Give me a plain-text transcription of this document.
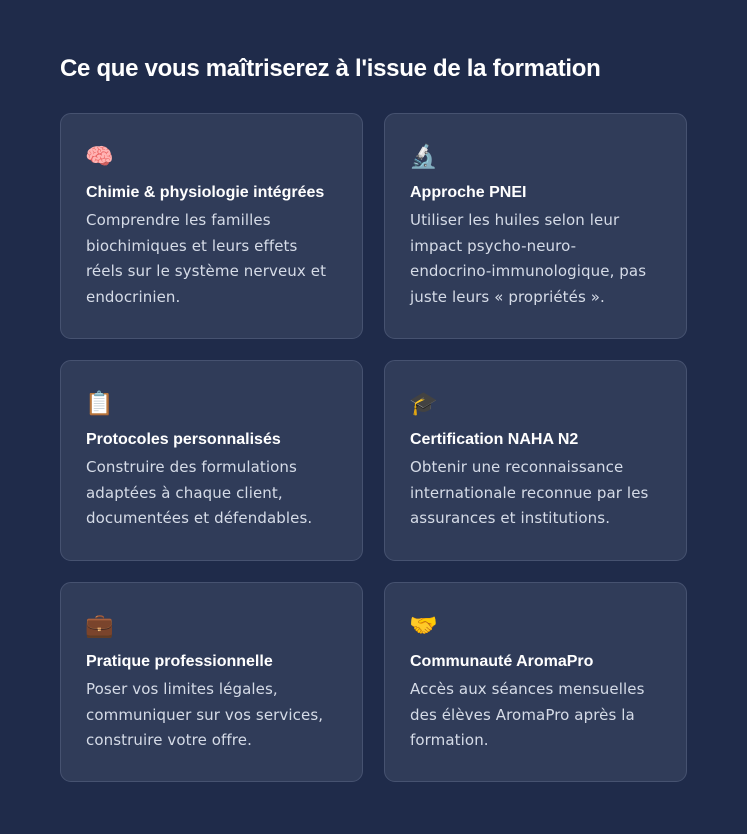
Ce que vous maîtriserez à l'issue de la formation
🧠
Chimie & physiologie intégrées
Comprendre les familles
biochimiques et leurs effets
réels sur le système nerveux et
endocrinien.
🔬
Approche PNEI
Utiliser les huiles selon leur
impact psycho-neuro-
endocrino-immunologique, pas
juste leurs « propriétés ».
📋
Protocoles personnalisés
Construire des formulations
adaptées à chaque client,
documentées et défendables.
🎓
Certification NAHA N2
Obtenir une reconnaissance
internationale reconnue par les
assurances et institutions.
💼
Pratique professionnelle
Poser vos limites légales,
communiquer sur vos services,
construire votre offre.
🤝
Communauté AromaPro
Accès aux séances mensuelles
des élèves AromaPro après la
formation.
